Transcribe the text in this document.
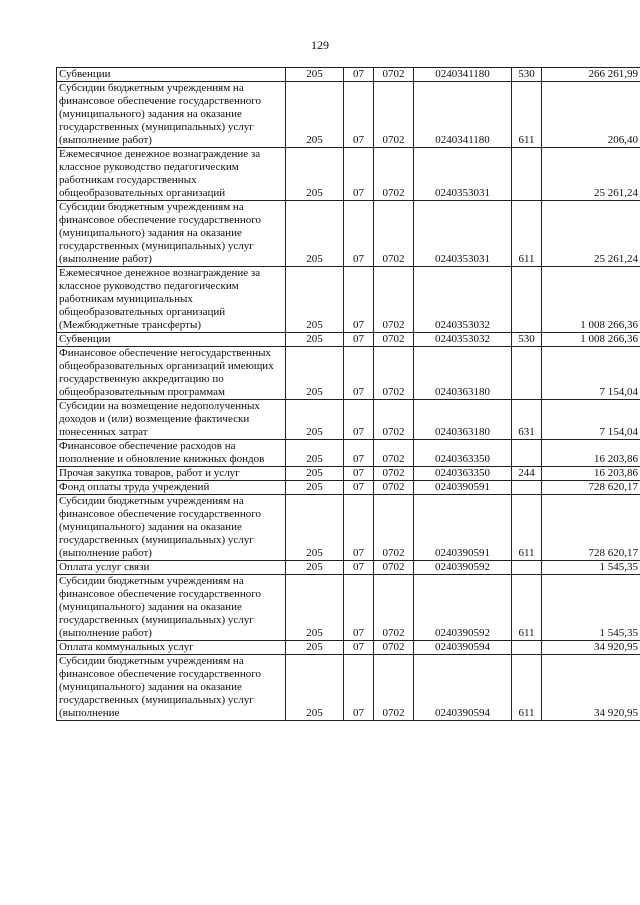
129
Субвенции	205	07	0702	0240341180	530	266 261,99
Субсидии бюджетным учреждениям на финансовое обеспечение государственного (муниципального) задания на оказание государственных (муниципальных) услуг (выполнение работ)	205	07	0702	0240341180	611	206,40
Ежемесячное денежное вознаграждение за классное руководство педагогическим работникам государственных общеобразовательных организаций	205	07	0702	0240353031		25 261,24
Субсидии бюджетным учреждениям на финансовое обеспечение государственного (муниципального) задания на оказание государственных (муниципальных) услуг (выполнение работ)	205	07	0702	0240353031	611	25 261,24
Ежемесячное денежное вознаграждение за классное руководство педагогическим работникам муниципальных общеобразовательных организаций (Межбюджетные трансферты)	205	07	0702	0240353032		1 008 266,36
Субвенции	205	07	0702	0240353032	530	1 008 266,36
Финансовое обеспечение негосударственных общеобразовательных организаций имеющих государственную аккредитацию по общеобразовательным программам	205	07	0702	0240363180		7 154,04
Субсидии на возмещение недополученных доходов и (или) возмещение фактически понесенных затрат	205	07	0702	0240363180	631	7 154,04
Финансовое обеспечение расходов на пополнение и обновление книжных фондов	205	07	0702	0240363350		16 203,86
Прочая закупка товаров, работ и услуг	205	07	0702	0240363350	244	16 203,86
Фонд оплаты труда учреждений	205	07	0702	0240390591		728 620,17
Субсидии бюджетным учреждениям на финансовое обеспечение государственного (муниципального) задания на оказание государственных (муниципальных) услуг (выполнение работ)	205	07	0702	0240390591	611	728 620,17
Оплата услуг связи	205	07	0702	0240390592		1 545,35
Субсидии бюджетным учреждениям на финансовое обеспечение государственного (муниципального) задания на оказание государственных (муниципальных) услуг (выполнение работ)	205	07	0702	0240390592	611	1 545,35
Оплата коммунальных услуг	205	07	0702	0240390594		34 920,95
Субсидии бюджетным учреждениям на финансовое обеспечение государственного (муниципального) задания на оказание государственных (муниципальных) услуг (выполнение	205	07	0702	0240390594	611	34 920,95
